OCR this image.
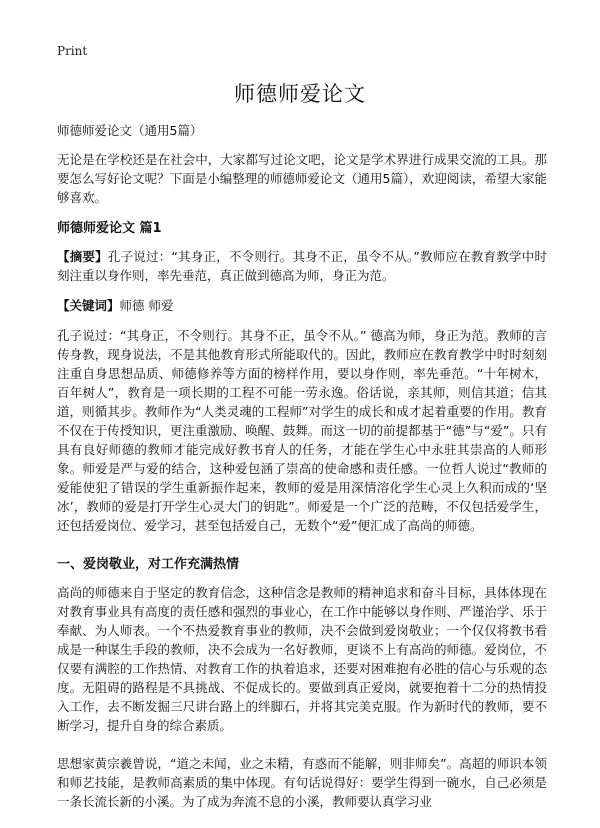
Print
师德师爱论文
师德师爱论文（通用5篇）

无论是在学校还是在社会中，大家都写过论文吧，论文是学术界进行成果交流的工具。那要怎么写好论文呢？下面是小编整理的师德师爱论文（通用5篇），欢迎阅读，希望大家能够喜欢。

师德师爱论文 篇1

【摘要】孔子说过：“其身正，不令则行。其身不正，虽令不从。”教师应在教育教学中时刻注重以身作则，率先垂范，真正做到德高为师，身正为范。

【关键词】师德 师爱

孔子说过：“其身正，不令则行。其身不正，虽令不从。” 德高为师，身正为范。教师的言传身教，现身说法，不是其他教育形式所能取代的。因此，教师应在教育教学中时时刻刻注重自身思想品质、师德修养等方面的榜样作用，要以身作则，率先垂范。“十年树木，百年树人”，教育是一项长期的工程不可能一劳永逸。俗话说，亲其师，则信其道；信其道，则循其步。教师作为“人类灵魂的工程师”对学生的成长和成才起着重要的作用。教育不仅在于传授知识，更注重激励、唤醒、鼓舞。而这一切的前提都基于“德”与“爱”。只有具有良好师德的教师才能完成好教书育人的任务，才能在学生心中永驻其崇高的人师形象。师爱是严与爱的结合，这种爱包涵了崇高的使命感和责任感。一位哲人说过“教师的爱能使犯了错误的学生重新振作起来，教师的爱是用深情溶化学生心灵上久积而成的‘坚冰’，教师的爱是打开学生心灵大门的钥匙”。师爱是一个广泛的范畴，不仅包括爱学生，还包括爱岗位、爱学习，甚至包括爱自己，无数个“爱”便汇成了高尚的师德。

一、爱岗敬业，对工作充满热情

高尚的师德来自于坚定的教育信念，这种信念是教师的精神追求和奋斗目标，具体体现在对教育事业具有高度的责任感和强烈的事业心，在工作中能够以身作则、严谨治学、乐于奉献、为人师表。一个不热爱教育事业的教师，决不会做到爱岗敬业；一个仅仅将教书看成是一种谋生手段的教师，决不会成为一名好教师，更谈不上有高尚的师德。爱岗位，不仅要有满腔的工作热情、对教育工作的执着追求，还要对困难抱有必胜的信心与乐观的态度。无阻碍的路程是不具挑战、不促成长的。要做到真正爱岗，就要抱着十二分的热情投入工作，去不断发掘三尺讲台路上的绊脚石，并将其完美克服。作为新时代的教师，要不断学习，提升自身的综合素质。

思想家黄宗羲曾说，“道之未闻，业之未精，有惑而不能解，则非师矣”。高超的师识本领和师艺技能，是教师高素质的集中体现。有句话说得好：要学生得到一碗水，自己必须是一条长流长新的小溪。为了成为奔流不息的小溪，教师要认真学习业
